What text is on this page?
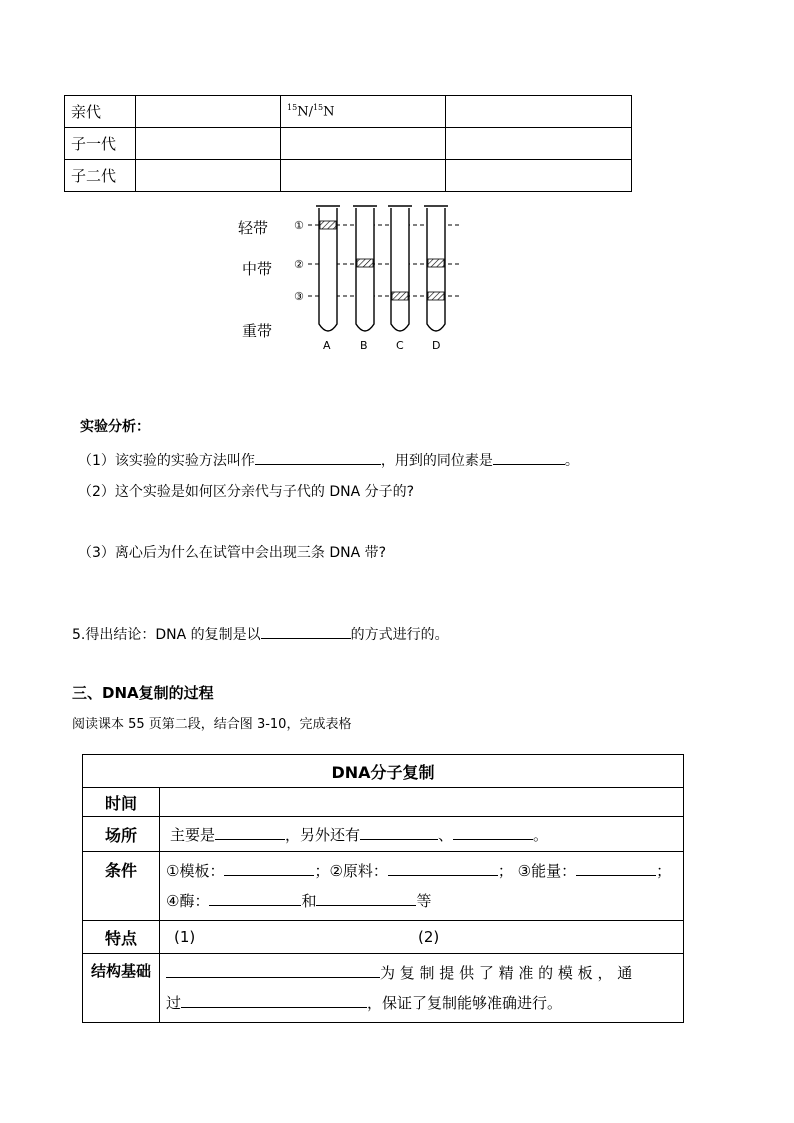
亲代		$^{15}$N/$^{15}$N	
子一代			
子二代			
轻带
中带
重带
①
②
③
A	B	C	D
实验分析：
（1）该实验的实验方法叫作	，用到的同位素是	。
（2）这个实验是如何区分亲代与子代的 DNA 分子的?
（3）离心后为什么在试管中会出现三条 DNA 带?
5.得出结论：DNA 的复制是以	的方式进行的。
三、DNA复制的过程
阅读课本 55 页第二段，结合图 3-10，完成表格
DNA分子复制	
时间	
场所	主要是 ，另外还有 、 。
条件	①模板： ；②原料： ； ③能量： ；
④酶： 和 等

特点	(1) (2)
结构基础	为 复 制 提 供 了 精 准 的 模 板 ， 通
过 ，保证了复制能够准确进行。
